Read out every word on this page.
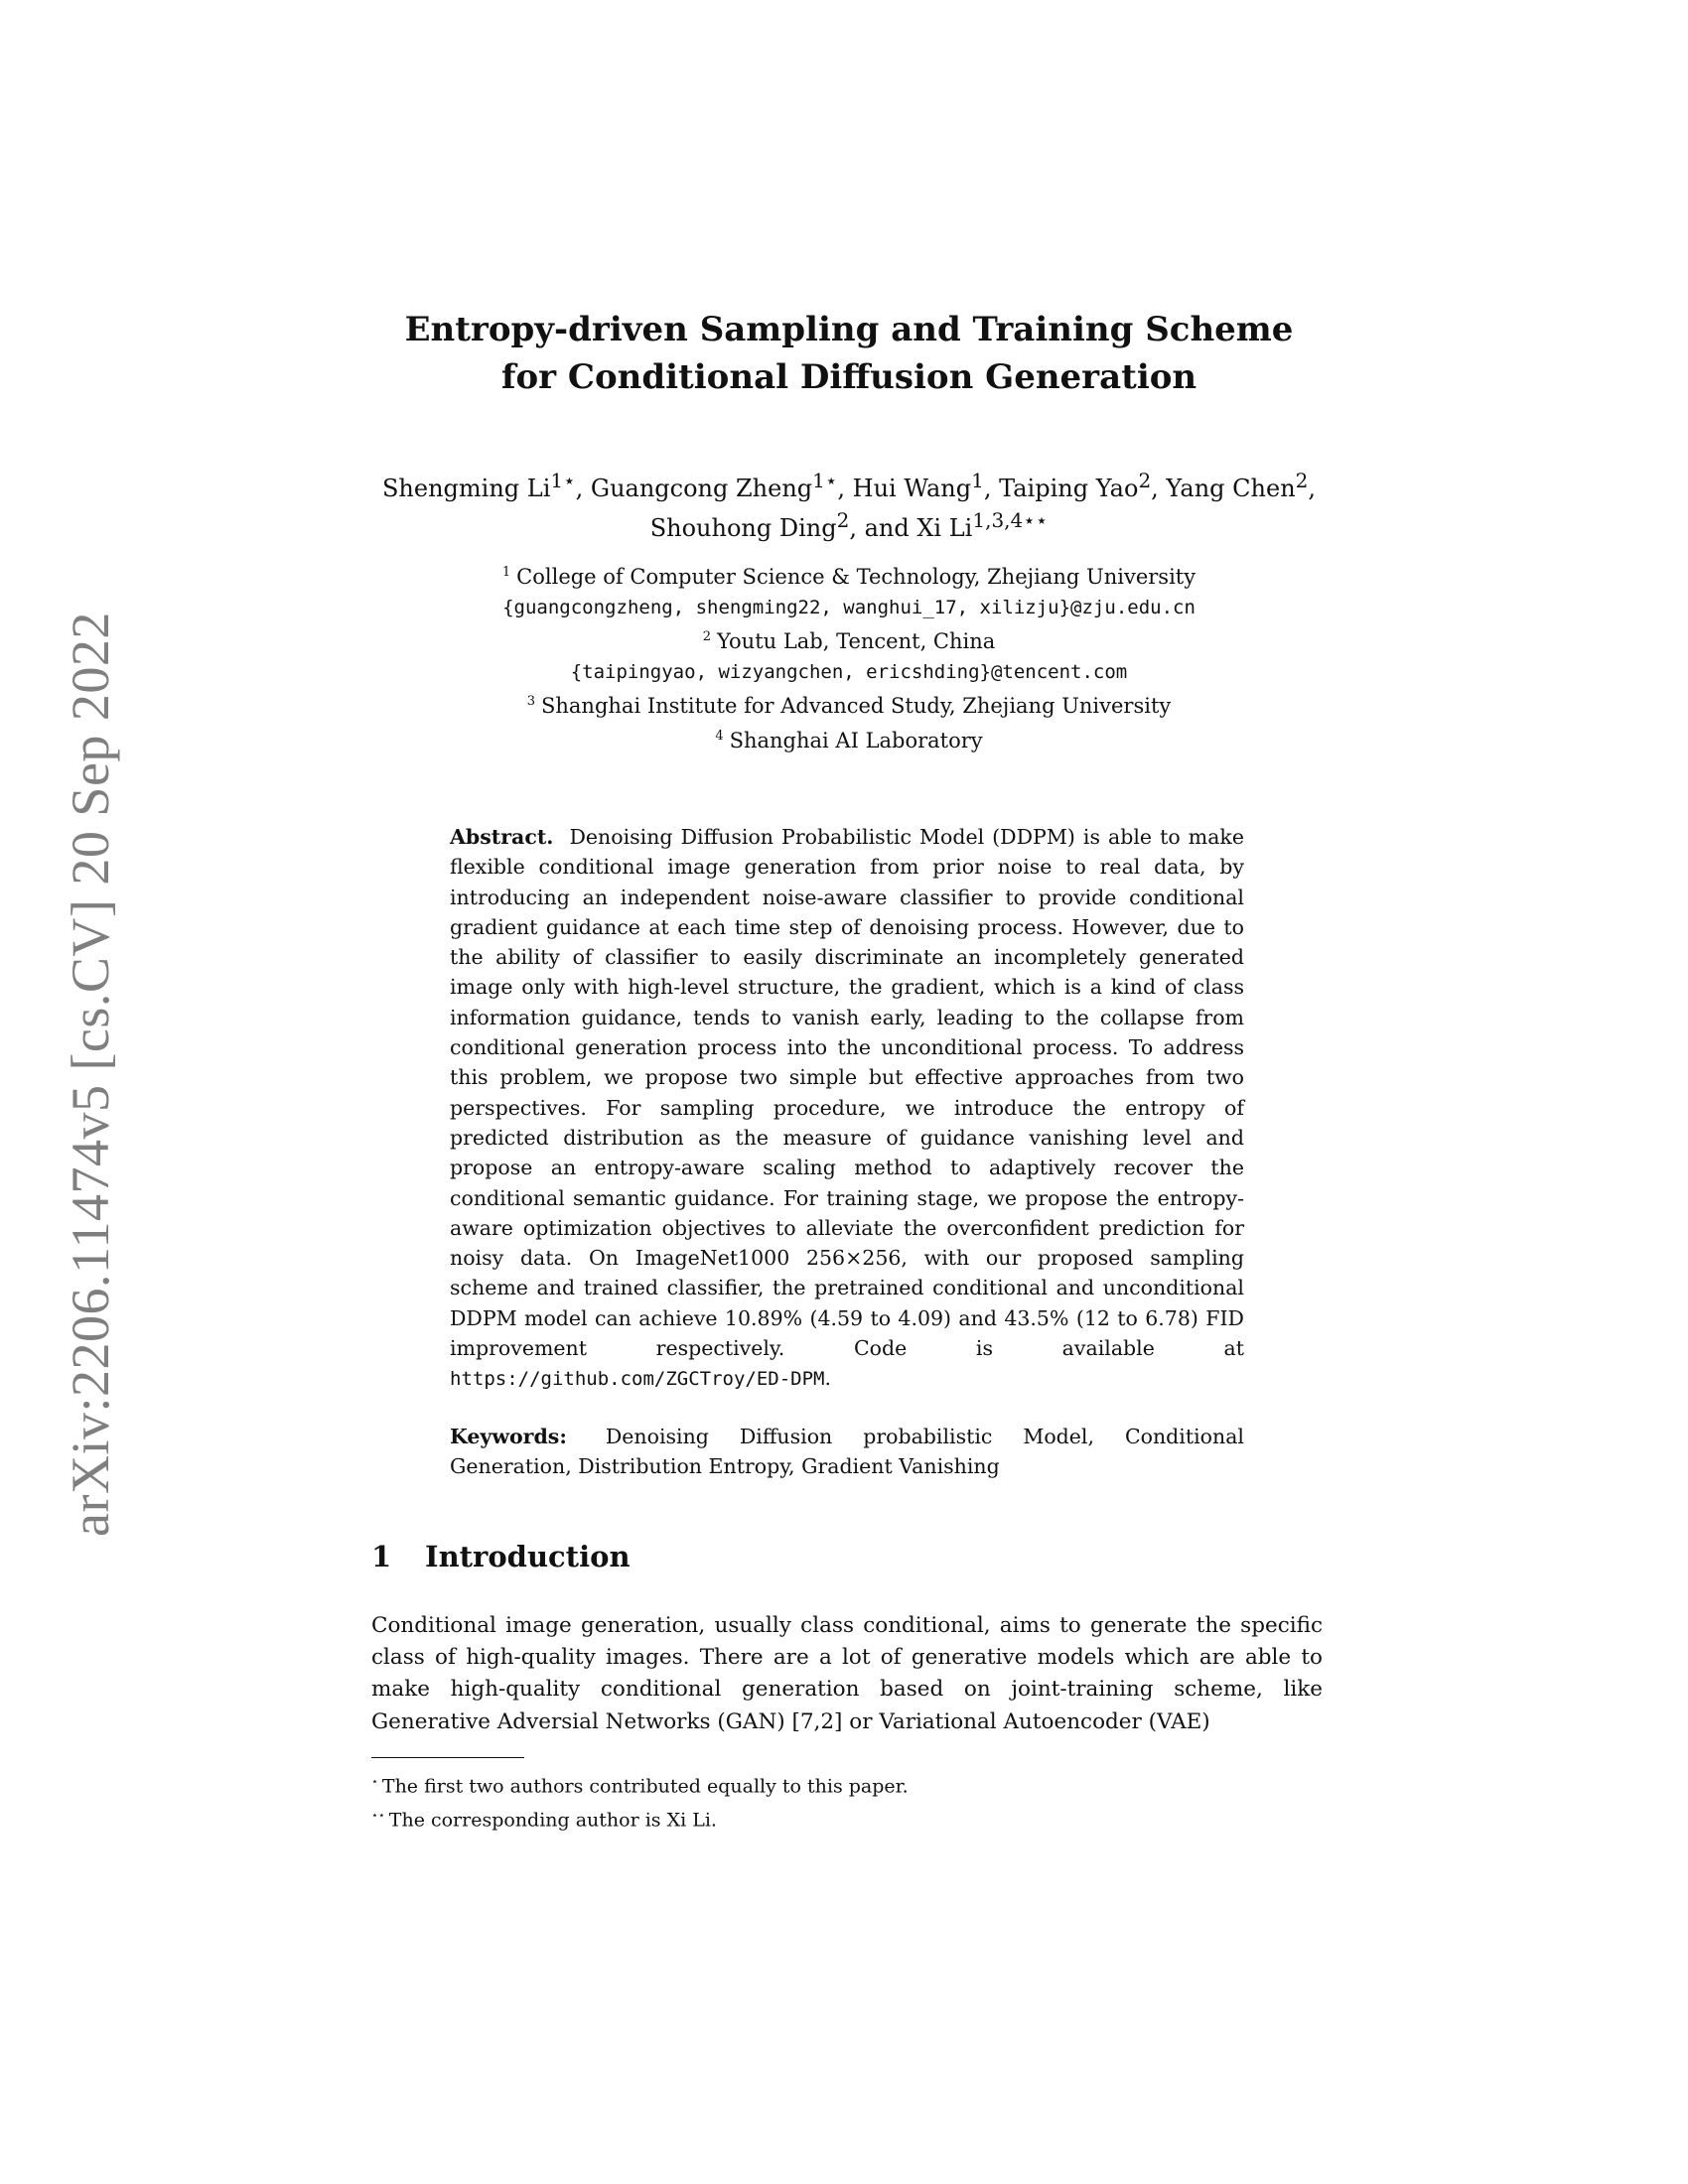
arXiv:2206.11474v5 [cs.CV] 20 Sep 2022
Entropy-driven Sampling and Training Scheme
for Conditional Diffusion Generation
Shengming $Li^{1⋆}$, Guangcong Zheng$^{1⋆}$, Hui Wang$^1$, Taiping Yao$^2$, Yang Chen$^2$,
Shouhong Ding$^2$, and Xi $Li^{1,3,4⋆⋆}$
$^1$ College of Computer Science & Technology, Zhejiang University
{guangcongzheng, shengming22, wanghui_17, xilizju}@zju.edu.cn
$^2$ Youtu Lab, Tencent, China
{taipingyao, wizyangchen, ericshding}@tencent.com
$^3$ Shanghai Institute for Advanced Study, Zhejiang University
$^4$ Shanghai AI Laboratory
Abstract. Denoising Diffusion Probabilistic Model (DDPM) is able to make flexible conditional image generation from prior noise to real data, by introducing an independent noise-aware classifier to provide conditional gradient guidance at each time step of denoising process. However, due to the ability of classifier to easily discriminate an incompletely generated image only with high-level structure, the gradient, which is a kind of class information guidance, tends to vanish early, leading to the collapse from conditional generation process into the unconditional process. To address this problem, we propose two simple but effective approaches from two perspectives. For sampling procedure, we introduce the entropy of predicted distribution as the measure of guidance vanishing level and propose an entropy-aware scaling method to adaptively recover the conditional semantic guidance. For training stage, we propose the entropy-aware optimization objectives to alleviate the overconfident prediction for noisy data. On ImageNet1000 256×256, with our proposed sampling scheme and trained classifier, the pretrained conditional and unconditional DDPM model can achieve 10.89% (4.59 to 4.09) and 43.5% (12 to 6.78) FID improvement respectively. Code is available at https://github.com/ZGCTroy/ED-DPM.
Keywords: Denoising Diffusion probabilistic Model, Conditional Generation, Distribution Entropy, Gradient Vanishing
1 Introduction
Conditional image generation, usually class conditional, aims to generate the specific class of high-quality images. There are a lot of generative models which are able to make high-quality conditional generation based on joint-training scheme, like Generative Adversial Networks (GAN) [7,2] or Variational Autoencoder (VAE)
⋆ The first two authors contributed equally to this paper.
⋆⋆ The corresponding author is Xi Li.
